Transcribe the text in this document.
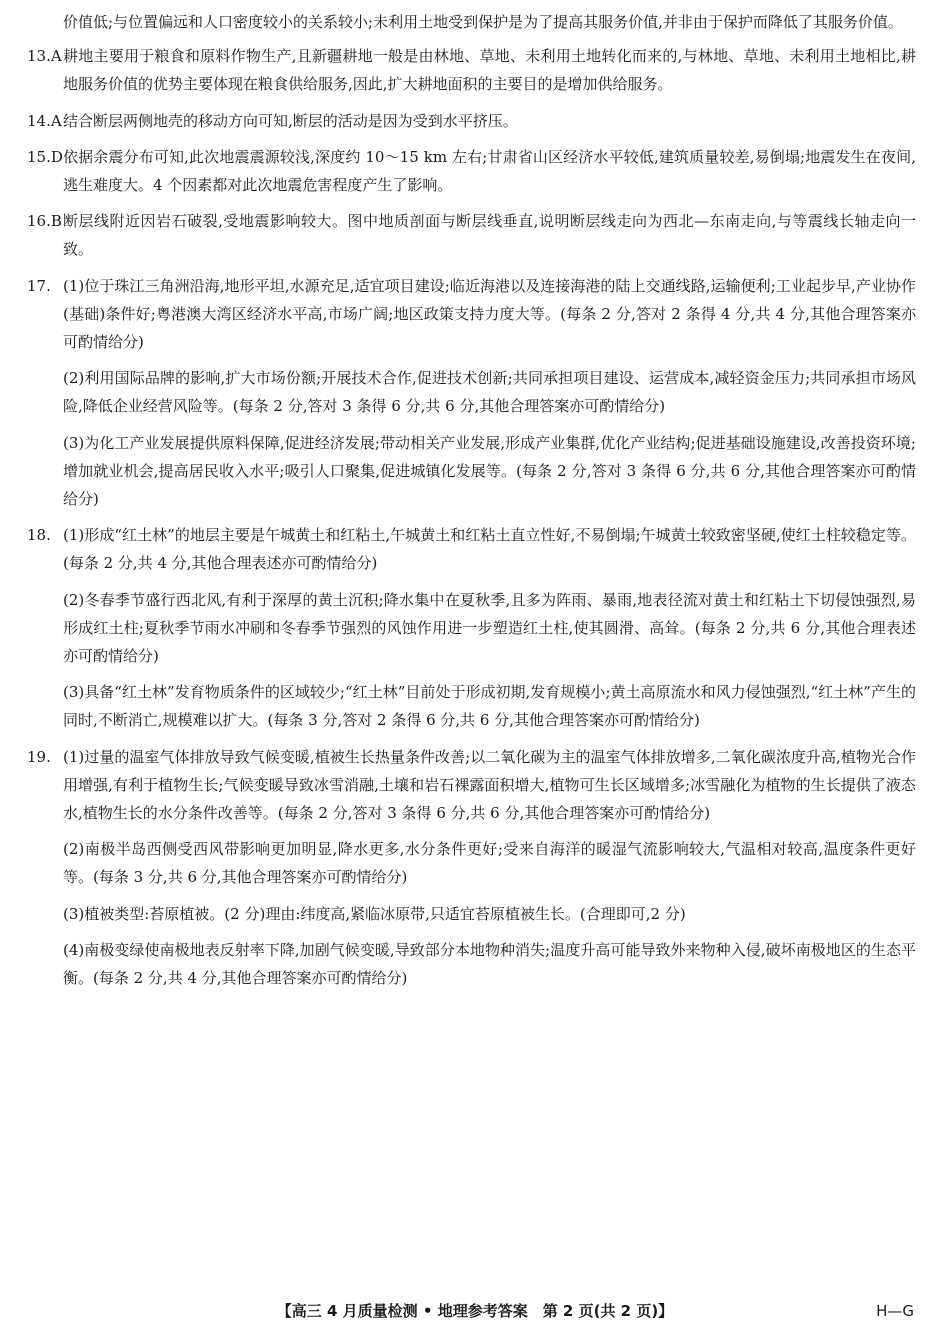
价值低;与位置偏远和人口密度较小的关系较小;未利用土地受到保护是为了提高其服务价值,并非由于保护而降低了其服务价值。

13.A 耕地主要用于粮食和原料作物生产,且新疆耕地一般是由林地、草地、未利用土地转化而来的,与林地、草地、未利用土地相比,耕地服务价值的优势主要体现在粮食供给服务,因此,扩大耕地面积的主要目的是增加供给服务。
14.A 结合断层两侧地壳的移动方向可知,断层的活动是因为受到水平挤压。
15.D 依据余震分布可知,此次地震震源较浅,深度约 10～15 km 左右;甘肃省山区经济水平较低,建筑质量较差,易倒塌;地震发生在夜间,逃生难度大。4 个因素都对此次地震危害程度产生了影响。
16.B 断层线附近因岩石破裂,受地震影响较大。图中地质剖面与断层线垂直,说明断层线走向为西北—东南走向,与等震线长轴走向一致。
17. (1)位于珠江三角洲沿海,地形平坦,水源充足,适宜项目建设;临近海港以及连接海港的陆上交通线路,运输便利;工业起步早,产业协作(基础)条件好;粤港澳大湾区经济水平高,市场广阔;地区政策支持力度大等。(每条 2 分,答对 2 条得 4 分,共 4 分,其他合理答案亦可酌情给分)
(2)利用国际品牌的影响,扩大市场份额;开展技术合作,促进技术创新;共同承担项目建设、运营成本,减轻资金压力;共同承担市场风险,降低企业经营风险等。(每条 2 分,答对 3 条得 6 分,共 6 分,其他合理答案亦可酌情给分)
(3)为化工产业发展提供原料保障,促进经济发展;带动相关产业发展,形成产业集群,优化产业结构;促进基础设施建设,改善投资环境;增加就业机会,提高居民收入水平;吸引人口聚集,促进城镇化发展等。(每条 2 分,答对 3 条得 6 分,共 6 分,其他合理答案亦可酌情给分)
18. (1)形成“红土林”的地层主要是午城黄土和红粘土,午城黄土和红粘土直立性好,不易倒塌;午城黄土较致密坚硬,使红土柱较稳定等。(每条 2 分,共 4 分,其他合理表述亦可酌情给分)
(2)冬春季节盛行西北风,有利于深厚的黄土沉积;降水集中在夏秋季,且多为阵雨、暴雨,地表径流对黄土和红粘土下切侵蚀强烈,易形成红土柱;夏秋季节雨水冲刷和冬春季节强烈的风蚀作用进一步塑造红土柱,使其圆滑、高耸。(每条 2 分,共 6 分,其他合理表述亦可酌情给分)
(3)具备“红土林”发育物质条件的区域较少;“红土林”目前处于形成初期,发育规模小;黄土高原流水和风力侵蚀强烈,“红土林”产生的同时,不断消亡,规模难以扩大。(每条 3 分,答对 2 条得 6 分,共 6 分,其他合理答案亦可酌情给分)
19. (1)过量的温室气体排放导致气候变暖,植被生长热量条件改善;以二氧化碳为主的温室气体排放增多,二氧化碳浓度升高,植物光合作用增强,有利于植物生长;气候变暖导致冰雪消融,土壤和岩石裸露面积增大,植物可生长区域增多;冰雪融化为植物的生长提供了液态水,植物生长的水分条件改善等。(每条 2 分,答对 3 条得 6 分,共 6 分,其他合理答案亦可酌情给分)
(2)南极半岛西侧受西风带影响更加明显,降水更多,水分条件更好;受来自海洋的暖湿气流影响较大,气温相对较高,温度条件更好等。(每条 3 分,共 6 分,其他合理答案亦可酌情给分)
(3)植被类型:苔原植被。(2 分)理由:纬度高,紧临冰原带,只适宜苔原植被生长。(合理即可,2 分)
(4)南极变绿使南极地表反射率下降,加剧气候变暖,导致部分本地物种消失;温度升高可能导致外来物种入侵,破坏南极地区的生态平衡。(每条 2 分,共 4 分,其他合理答案亦可酌情给分)
【高三 4 月质量检测 • 地理参考答案　第 2 页(共 2 页)】	H—G
